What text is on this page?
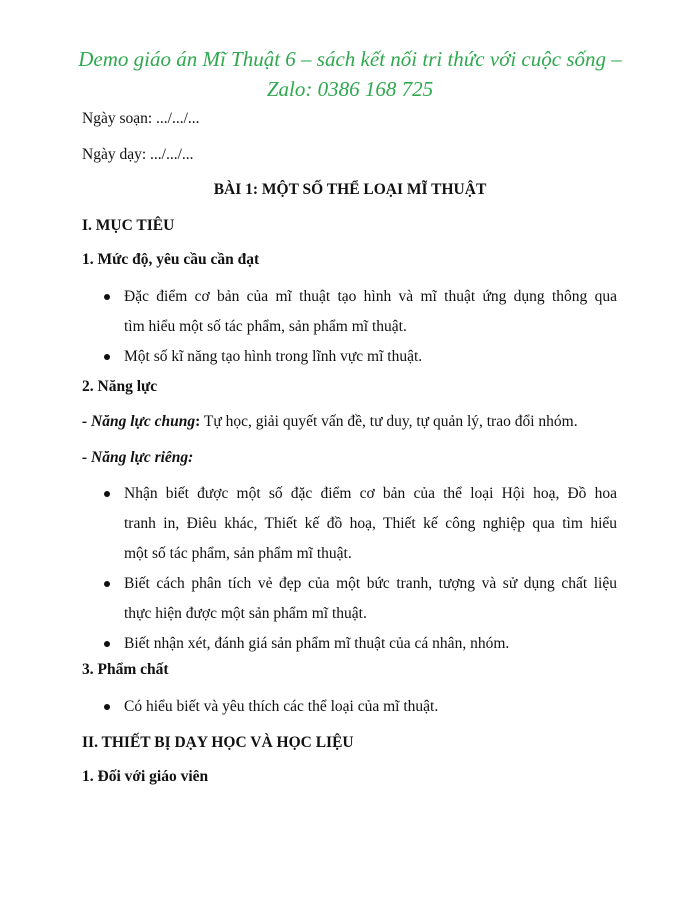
Demo giáo án Mĩ Thuật 6 – sách kết nối tri thức với cuộc sống –
Zalo: 0386 168 725
Ngày soạn: .../.../...
Ngày dạy: .../.../...
BÀI 1: MỘT SỐ THỂ LOẠI MĨ THUẬT
I. MỤC TIÊU
1. Mức độ, yêu cầu cần đạt
Đặc điểm cơ bản của mĩ thuật tạo hình và mĩ thuật ứng dụng thông qua
tìm hiểu một số tác phẩm, sản phẩm mĩ thuật.
Một số kĩ năng tạo hình trong lĩnh vực mĩ thuật.
2. Năng lực
- Năng lực chung: Tự học, giải quyết vấn đề, tư duy, tự quản lý, trao đổi nhóm.
- Năng lực riêng:
Nhận biết được một số đặc điểm cơ bản của thể loại Hội hoạ, Đồ hoa
tranh in, Điêu khác, Thiết kế đồ hoạ, Thiết kế công nghiệp qua tìm hiểu
một số tác phẩm, sản phẩm mĩ thuật.
Biết cách phân tích vẻ đẹp của một bức tranh, tượng và sử dụng chất liệu
thực hiện được một sản phẩm mĩ thuật.
Biết nhận xét, đánh giá sản phẩm mĩ thuật của cá nhân, nhóm.
3. Phẩm chất
Có hiểu biết và yêu thích các thể loại của mĩ thuật.
II. THIẾT BỊ DẠY HỌC VÀ HỌC LIỆU
1. Đối với giáo viên
